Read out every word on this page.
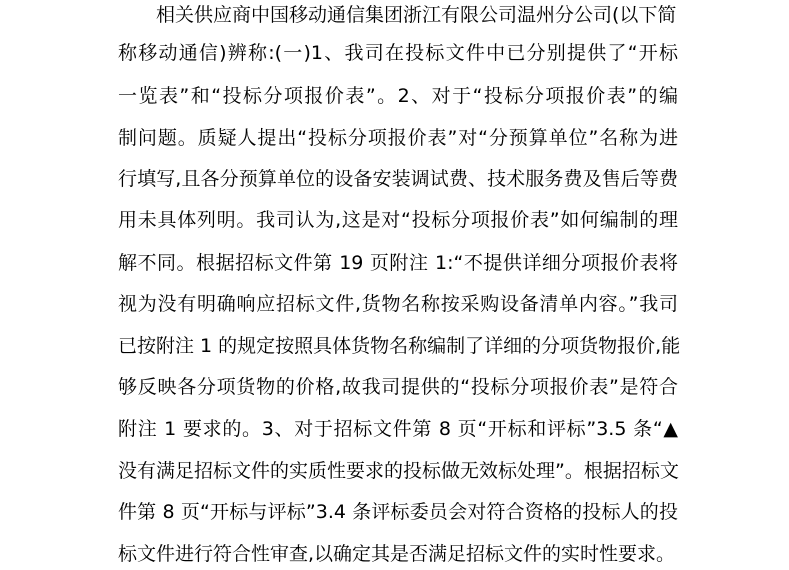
相关供应商中国移动通信集团浙江有限公司温州分公司(以下简
称移动通信)辨称:(一)1、我司在投标文件中已分别提供了“开标
一览表”和“投标分项报价表”。2、对于“投标分项报价表”的编
制问题。质疑人提出“投标分项报价表”对“分预算单位”名称为进
行填写,且各分预算单位的设备安装调试费、技术服务费及售后等费
用未具体列明。我司认为,这是对“投标分项报价表”如何编制的理
解不同。根据招标文件第 19 页附注 1:“不提供详细分项报价表将
视为没有明确响应招标文件,货物名称按采购设备清单内容。”我司
已按附注 1 的规定按照具体货物名称编制了详细的分项货物报价,能
够反映各分项货物的价格,故我司提供的“投标分项报价表”是符合
附注 1 要求的。3、对于招标文件第 8 页“开标和评标”3.5 条“▲
没有满足招标文件的实质性要求的投标做无效标处理”。根据招标文
件第 8 页“开标与评标”3.4 条评标委员会对符合资格的投标人的投
标文件进行符合性审查,以确定其是否满足招标文件的实时性要求。
